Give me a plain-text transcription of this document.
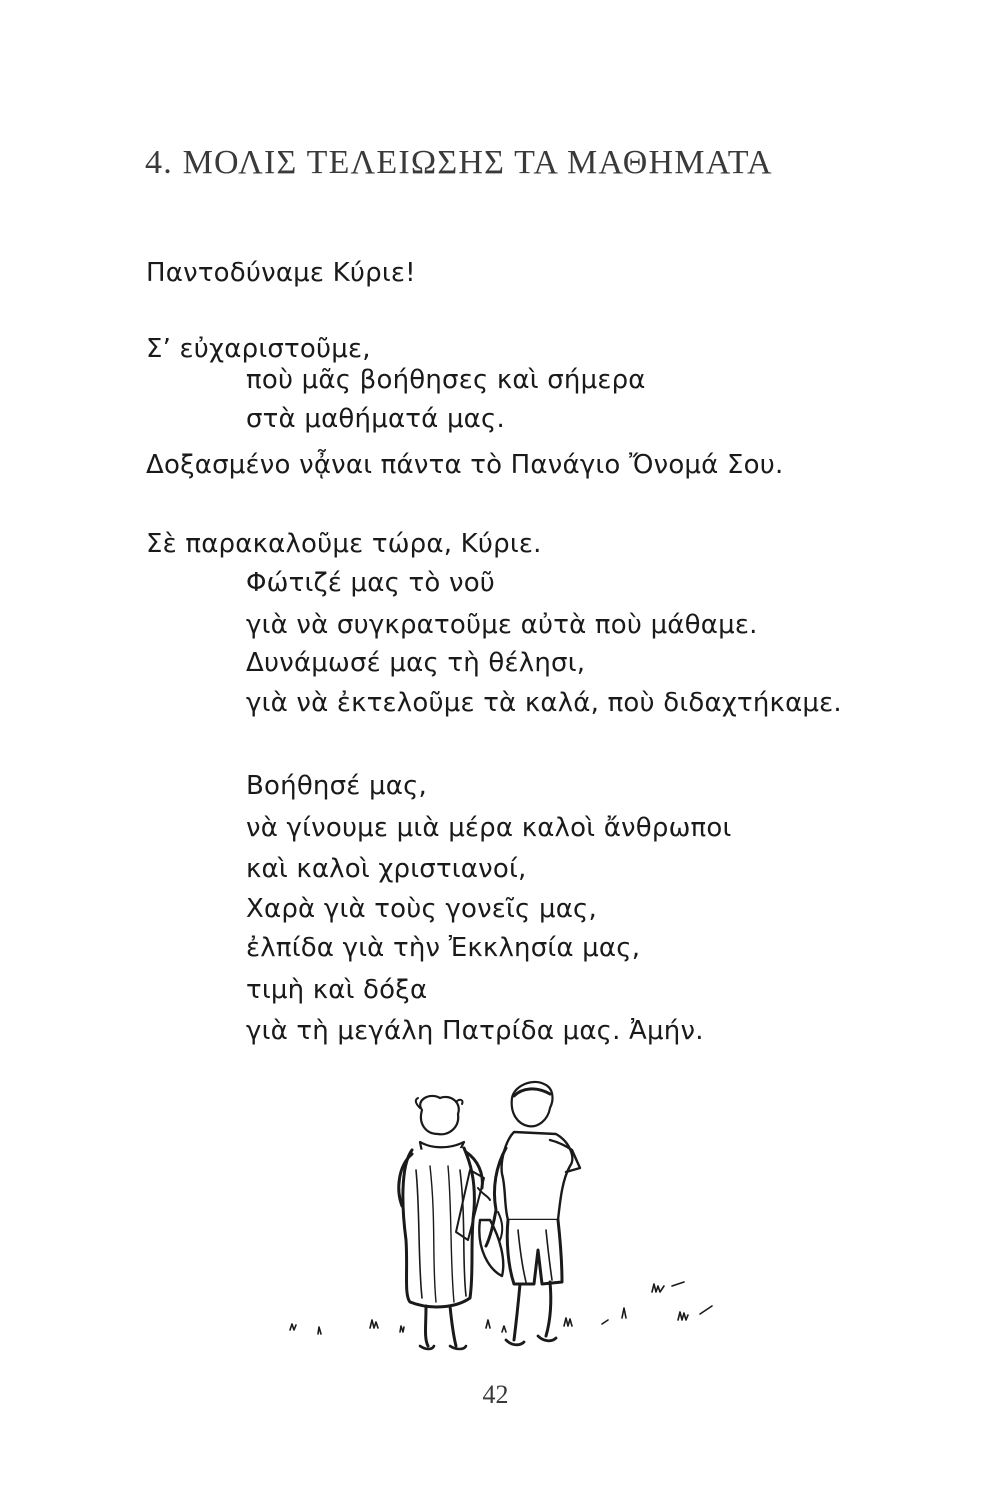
4. ΜΟΛΙΣ ΤΕΛΕΙΩΣΗΣ ΤΑ ΜΑΘΗΜΑΤΑ
Παντοδύναμε Κύριε!
Σ’ εὐχαριστοῦμε,
ποὺ μᾶς βοήθησες καὶ σήμερα
στὰ μαθήματά μας.
Δοξασμένο νᾆναι πάντα τὸ Πανάγιο Ὄνομά Σου.
Σὲ παρακαλοῦμε τώρα, Κύριε.
Φώτιζέ μας τὸ νοῦ
γιὰ νὰ συγκρατοῦμε αὐτὰ ποὺ μάθαμε.
Δυνάμωσέ μας τὴ θέλησι,
γιὰ νὰ ἐκτελοῦμε τὰ καλά, ποὺ διδαχτήκαμε.
Βοήθησέ μας,
νὰ γίνουμε μιὰ μέρα καλοὶ ἄνθρωποι
καὶ καλοὶ χριστιανοί,
Χαρὰ γιὰ τοὺς γονεῖς μας,
ἐλπίδα γιὰ τὴν Ἐκκλησία μας,
τιμὴ καὶ δόξα
γιὰ τὴ μεγάλη Πατρίδα μας. Ἀμήν.
42
